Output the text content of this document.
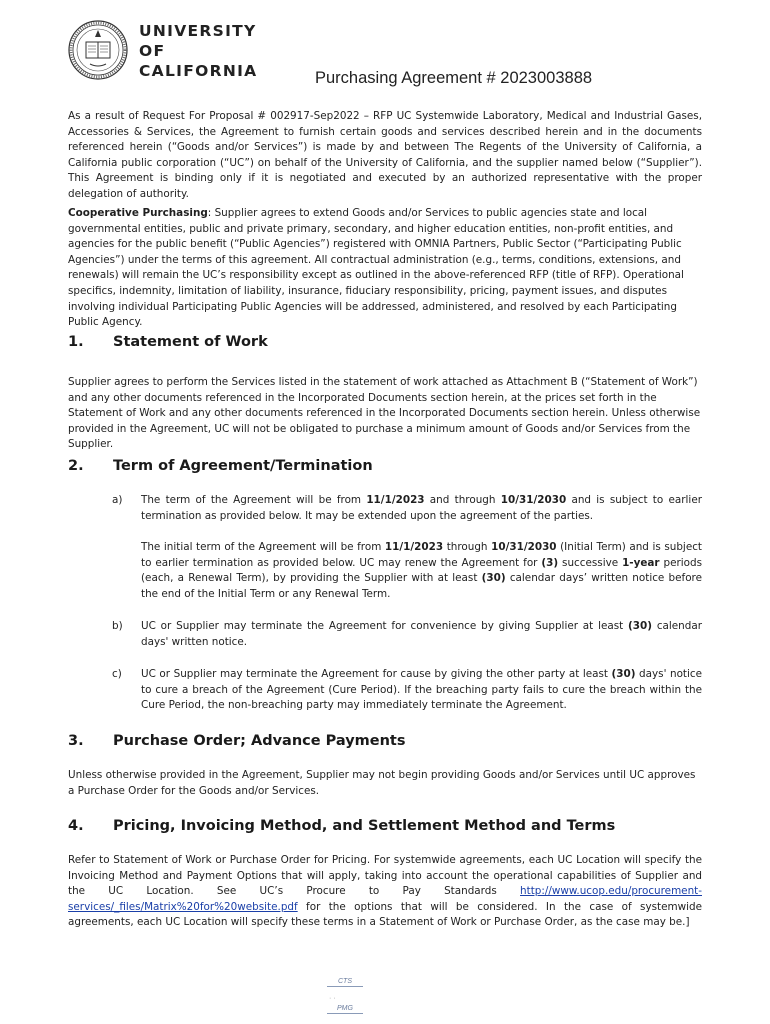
UNIVERSITY
OF
CALIFORNIA	Purchasing Agreement # 2023003888

As a result of Request For Proposal # 002917-Sep2022 – RFP UC Systemwide Laboratory, Medical and Industrial Gases, Accessories & Services, the Agreement to furnish certain goods and services described herein and in the documents referenced herein (“Goods and/or Services”) is made by and between The Regents of the University of California, a California public corporation (“UC”) on behalf of the University of California, and the supplier named below (“Supplier”). This Agreement is binding only if it is negotiated and executed by an authorized representative with the proper delegation of authority.

Cooperative Purchasing: Supplier agrees to extend Goods and/or Services to public agencies state and local governmental entities, public and private primary, secondary, and higher education entities, non-profit entities, and agencies for the public benefit (“Public Agencies”) registered with OMNIA Partners, Public Sector (“Participating Public Agencies”) under the terms of this agreement. All contractual administration (e.g., terms, conditions, extensions, and renewals) will remain the UC’s responsibility except as outlined in the above-referenced RFP (title of RFP). Operational specifics, indemnity, limitation of liability, insurance, fiduciary responsibility, pricing, payment issues, and disputes involving individual Participating Public Agencies will be addressed, administered, and resolved by each Participating Public Agency.

1. Statement of Work

Supplier agrees to perform the Services listed in the statement of work attached as Attachment B (“Statement of Work”) and any other documents referenced in the Incorporated Documents section herein, at the prices set forth in the Statement of Work and any other documents referenced in the Incorporated Documents section herein. Unless otherwise provided in the Agreement, UC will not be obligated to purchase a minimum amount of Goods and/or Services from the Supplier.

2. Term of Agreement/Termination
a) The term of the Agreement will be from 11/1/2023 and through 10/31/2030 and is subject to earlier termination as provided below. It may be extended upon the agreement of the parties.

The initial term of the Agreement will be from 11/1/2023 through 10/31/2030 (Initial Term) and is subject to earlier termination as provided below. UC may renew the Agreement for (3) successive 1-year periods (each, a Renewal Term), by providing the Supplier with at least (30) calendar days’ written notice before the end of the Initial Term or any Renewal Term.

b) UC or Supplier may terminate the Agreement for convenience by giving Supplier at least (30) calendar days' written notice.

c) UC or Supplier may terminate the Agreement for cause by giving the other party at least (30) days' notice to cure a breach of the Agreement (Cure Period). If the breaching party fails to cure the breach within the Cure Period, the non-breaching party may immediately terminate the Agreement.

3. Purchase Order; Advance Payments

Unless otherwise provided in the Agreement, Supplier may not begin providing Goods and/or Services until UC approves a Purchase Order for the Goods and/or Services.

4. Pricing, Invoicing Method, and Settlement Method and Terms

Refer to Statement of Work or Purchase Order for Pricing. For systemwide agreements, each UC Location will specify the Invoicing Method and Payment Options that will apply, taking into account the operational capabilities of Supplier and the UC Location. See UC’s Procure to Pay Standards http://www.ucop.edu/procurement-services/_files/Matrix%20for%20website.pdf for the options that will be considered. In the case of systemwide agreements, each UC Location will specify these terms in a Statement of Work or Purchase Order, as the case may be.]

CTS
· ·
PMG
